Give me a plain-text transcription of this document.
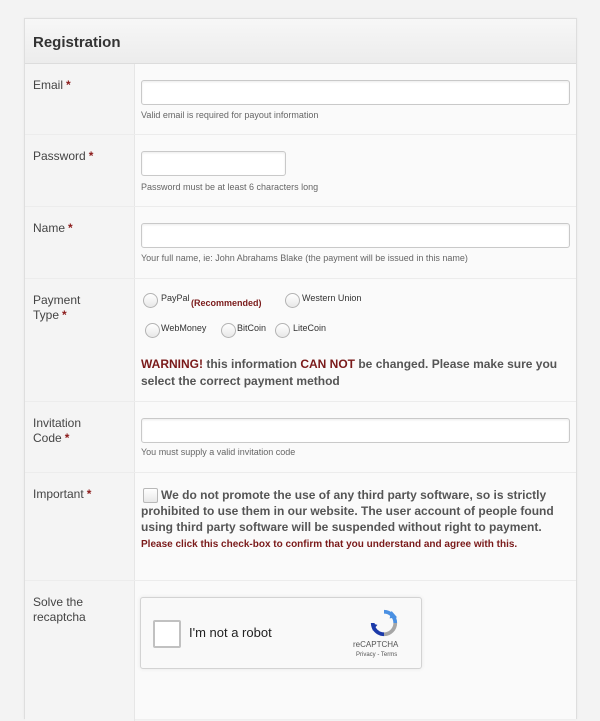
Registration
Email *
Valid email is required for payout information
Password *
Password must be at least 6 characters long
Name *
Your full name, ie: John Abrahams Blake (the payment will be issued in this name)
Payment
Type *
PayPal (Recommended)	Western Union
WebMoney	BitCoin	LiteCoin
WARNING! this information CAN NOT be changed. Please make sure you select the correct payment method
Invitation
Code *
You must supply a valid invitation code
Important *	We do not promote the use of any third party software, so is strictly prohibited to use them in our website. The user account of people found using third party software will be suspended without right to payment. Please click this check-box to confirm that you understand and agree with this.
Solve the
recaptcha
I'm not a robot
reCAPTCHA
Privacy - Terms
